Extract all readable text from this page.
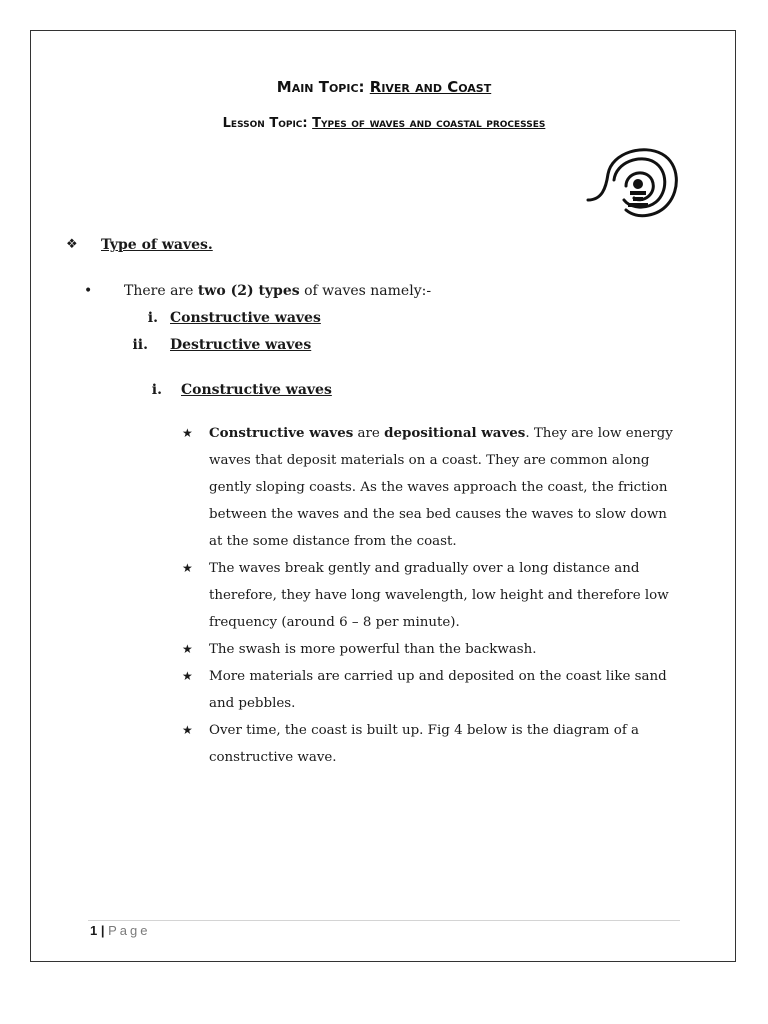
Main Topic: River and Coast
Lesson Topic: Types of waves and coastal processes
❖ Type of waves.
• There are two (2) types of waves namely:-
i. Constructive waves
ii. Destructive waves
i. Constructive waves
★ Constructive waves are depositional waves. They are low energy waves that deposit materials on a coast. They are common along gently sloping coasts. As the waves approach the coast, the friction between the waves and the sea bed causes the waves to slow down at the some distance from the coast.
★ The waves break gently and gradually over a long distance and therefore, they have long wavelength, low height and therefore low frequency (around 6 – 8 per minute).
★ The swash is more powerful than the backwash.
★ More materials are carried up and deposited on the coast like sand and pebbles.
★ Over time, the coast is built up. Fig 4 below is the diagram of a constructive wave.
1 | Page
